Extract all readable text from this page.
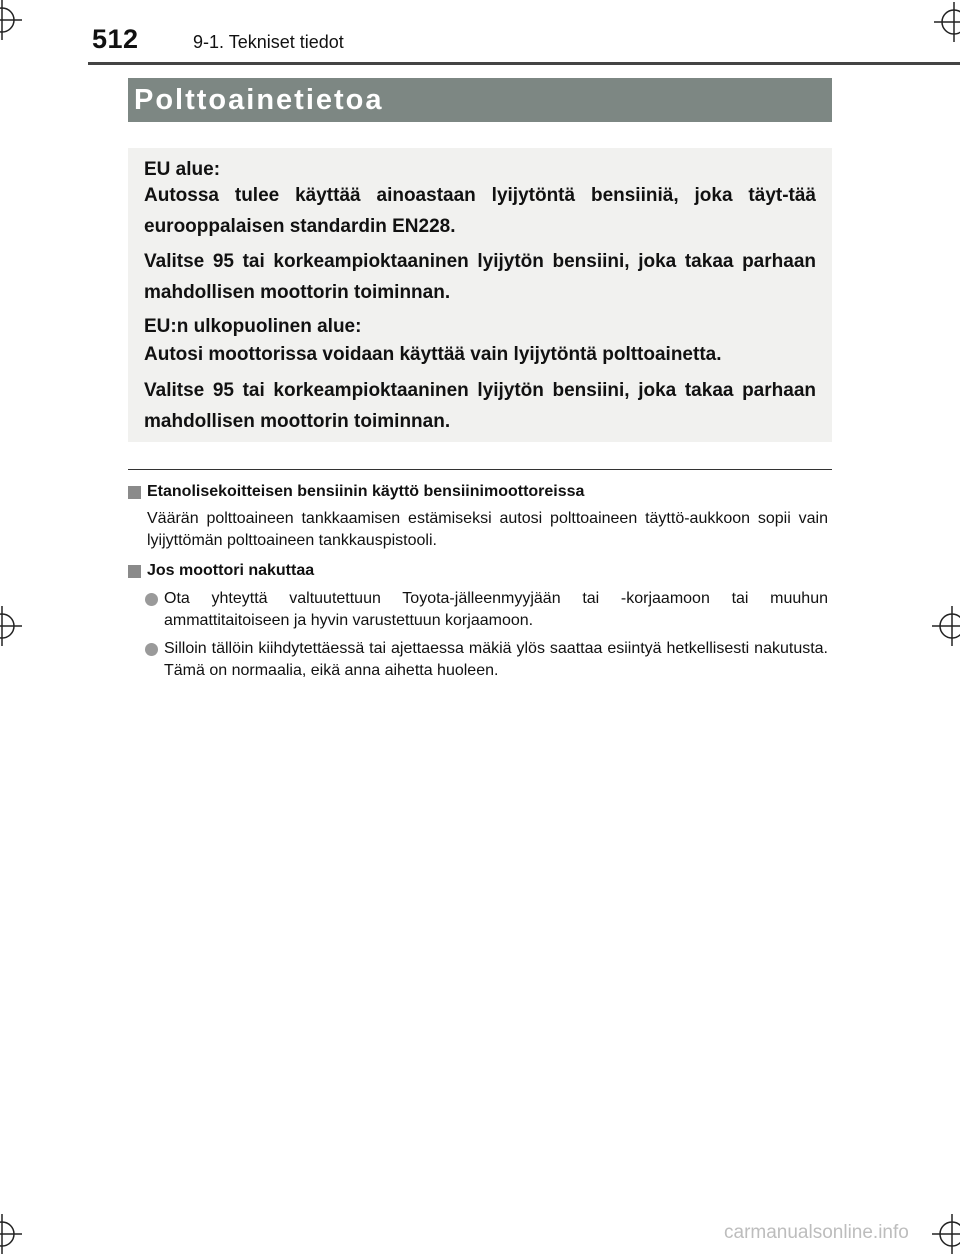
512	9-1. Tekniset tiedot
Polttoainetietoa
EU alue:
Autossa tulee käyttää ainoastaan lyijytöntä bensiiniä, joka täyt-tää eurooppalaisen standardin EN228.
Valitse 95 tai korkeampioktaaninen lyijytön bensiini, joka takaa parhaan mahdollisen moottorin toiminnan.
EU:n ulkopuolinen alue:
Autosi moottorissa voidaan käyttää vain lyijytöntä polttoainetta.
Valitse 95 tai korkeampioktaaninen lyijytön bensiini, joka takaa parhaan mahdollisen moottorin toiminnan.
Etanolisekoitteisen bensiinin käyttö bensiinimoottoreissa
Väärän polttoaineen tankkaamisen estämiseksi autosi polttoaineen täyttö-aukkoon sopii vain lyijyttömän polttoaineen tankkauspistooli.
Jos moottori nakuttaa
Ota yhteyttä valtuutettuun Toyota-jälleenmyyjään tai -korjaamoon tai muuhun ammattitaitoiseen ja hyvin varustettuun korjaamoon.
Silloin tällöin kiihdytettäessä tai ajettaessa mäkiä ylös saattaa esiintyä hetkellisesti nakutusta. Tämä on normaalia, eikä anna aihetta huoleen.
carmanualsonline.info
